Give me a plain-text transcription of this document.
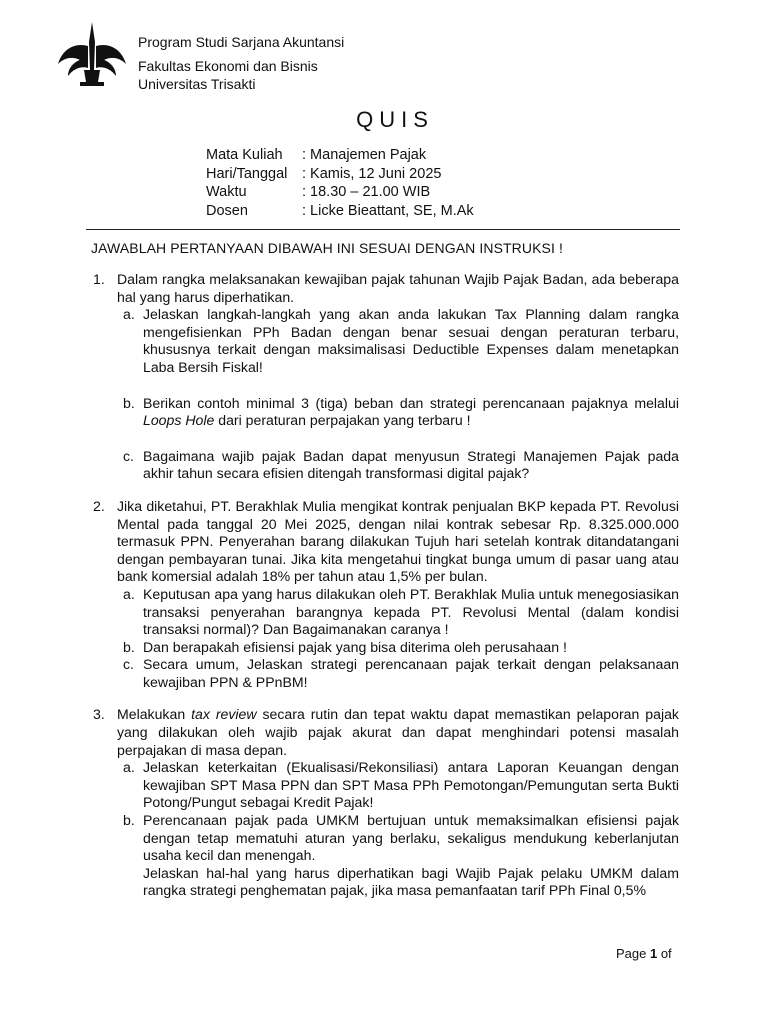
Program Studi Sarjana Akuntansi
Fakultas Ekonomi dan Bisnis
Universitas Trisakti
QUIS
Mata Kuliah	: Manajemen Pajak
Hari/Tanggal	: Kamis, 12 Juni 2025
Waktu	: 18.30 – 21.00 WIB
Dosen	: Licke Bieattant, SE, M.Ak
JAWABLAH PERTANYAAN DIBAWAH INI SESUAI DENGAN INSTRUKSI !
1. Dalam rangka melaksanakan kewajiban pajak tahunan Wajib Pajak Badan, ada beberapa hal yang harus diperhatikan.
a. Jelaskan langkah-langkah yang akan anda lakukan Tax Planning dalam rangka mengefisienkan PPh Badan dengan benar sesuai dengan peraturan terbaru, khususnya terkait dengan maksimalisasi Deductible Expenses dalam menetapkan Laba Bersih Fiskal!
b. Berikan contoh minimal 3 (tiga) beban dan strategi perencanaan pajaknya melalui Loops Hole dari peraturan perpajakan yang terbaru !
c. Bagaimana wajib pajak Badan dapat menyusun Strategi Manajemen Pajak pada akhir tahun secara efisien ditengah transformasi digital pajak?
2. Jika diketahui, PT. Berakhlak Mulia mengikat kontrak penjualan BKP kepada PT. Revolusi Mental pada tanggal 20 Mei 2025, dengan nilai kontrak sebesar Rp. 8.325.000.000 termasuk PPN. Penyerahan barang dilakukan Tujuh hari setelah kontrak ditandatangani dengan pembayaran tunai. Jika kita mengetahui tingkat bunga umum di pasar uang atau bank komersial adalah 18% per tahun atau 1,5% per bulan.
a. Keputusan apa yang harus dilakukan oleh PT. Berakhlak Mulia untuk menegosiasikan transaksi penyerahan barangnya kepada PT. Revolusi Mental (dalam kondisi transaksi normal)? Dan Bagaimanakan caranya !
b. Dan berapakah efisiensi pajak yang bisa diterima oleh perusahaan !
c. Secara umum, Jelaskan strategi perencanaan pajak terkait dengan pelaksanaan kewajiban PPN & PPnBM!
3. Melakukan tax review secara rutin dan tepat waktu dapat memastikan pelaporan pajak yang dilakukan oleh wajib pajak akurat dan dapat menghindari potensi masalah perpajakan di masa depan.
a. Jelaskan keterkaitan (Ekualisasi/Rekonsiliasi) antara Laporan Keuangan dengan kewajiban SPT Masa PPN dan SPT Masa PPh Pemotongan/Pemungutan serta Bukti Potong/Pungut sebagai Kredit Pajak!
b. Perencanaan pajak pada UMKM bertujuan untuk memaksimalkan efisiensi pajak dengan tetap mematuhi aturan yang berlaku, sekaligus mendukung keberlanjutan usaha kecil dan menengah.
Jelaskan hal-hal yang harus diperhatikan bagi Wajib Pajak pelaku UMKM dalam rangka strategi penghematan pajak, jika masa pemanfaatan tarif PPh Final 0,5%
Page 1 of
